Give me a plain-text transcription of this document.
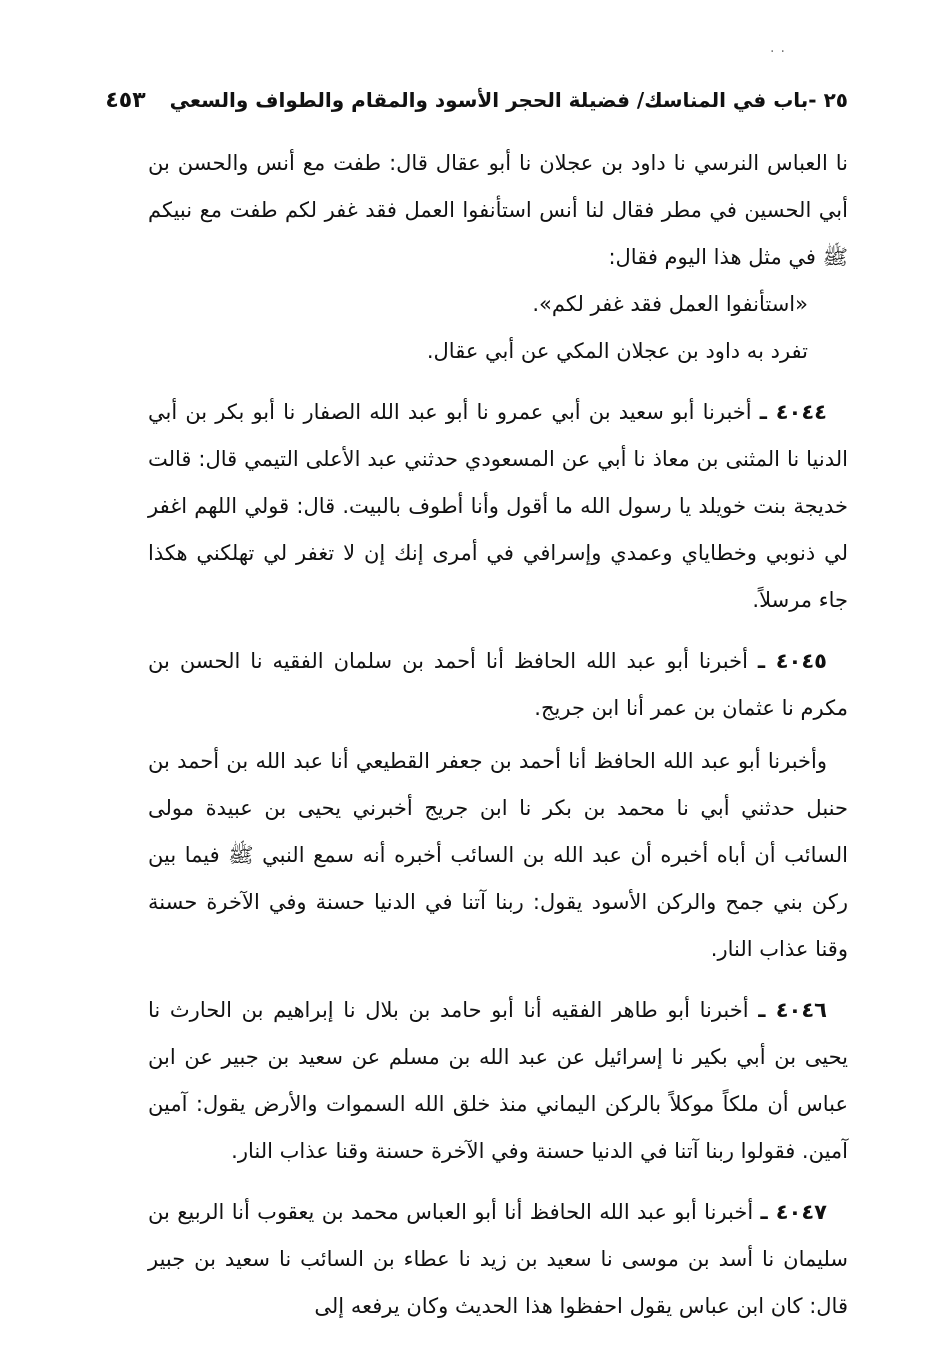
··
٢٥ -باب في المناسك/ فضيلة الحجر الأسود والمقام والطواف والسعي
٤٥٣

نا العباس النرسي نا داود بن عجلان نا أبو عقال قال: طفت مع أنس والحسن بن أبي الحسين في مطر فقال لنا أنس استأنفوا العمل فقد غفر لكم طفت مع نبيكم ﷺ في مثل هذا اليوم فقال:

«استأنفوا العمل فقد غفر لكم».

تفرد به داود بن عجلان المكي عن أبي عقال.

 ٤٠٤٤ ـ أخبرنا أبو سعيد بن أبي عمرو نا أبو عبد الله الصفار نا أبو بكر بن أبي الدنيا نا المثنى بن معاذ نا أبي عن المسعودي حدثني عبد الأعلى التيمي قال: قالت خديجة بنت خويلد يا رسول الله ما أقول وأنا أطوف بالبيت. قال: قولي اللهم اغفر لي ذنوبي وخطاياي وعمدي وإسرافي في أمرى إنك إن لا تغفر لي تهلكني هكذا جاء مرسلاً.

 ٤٠٤٥ ـ أخبرنا أبو عبد الله الحافظ أنا أحمد بن سلمان الفقيه نا الحسن بن مكرم نا عثمان بن عمر أنا ابن جريج.

 وأخبرنا أبو عبد الله الحافظ أنا أحمد بن جعفر القطيعي أنا عبد الله بن أحمد بن حنبل حدثني أبي نا محمد بن بكر نا ابن جريج أخبرني يحيى بن عبيدة مولى السائب أن أباه أخبره أن عبد الله بن السائب أخبره أنه سمع النبي ﷺ فيما بين ركن بني جمح والركن الأسود يقول: ربنا آتنا في الدنيا حسنة وفي الآخرة حسنة وقنا عذاب النار.

 ٤٠٤٦ ـ أخبرنا أبو طاهر الفقيه أنا أبو حامد بن بلال نا إبراهيم بن الحارث نا يحيى بن أبي بكير نا إسرائيل عن عبد الله بن مسلم عن سعيد بن جبير عن ابن عباس أن ملكاً موكلاً بالركن اليماني منذ خلق الله السموات والأرض يقول: آمين آمين. فقولوا ربنا آتنا في الدنيا حسنة وفي الآخرة حسنة وقنا عذاب النار.

 ٤٠٤٧ ـ أخبرنا أبو عبد الله الحافظ أنا أبو العباس محمد بن يعقوب أنا الربيع بن سليمان نا أسد بن موسى نا سعيد بن زيد نا عطاء بن السائب نا سعيد بن جبير قال: كان ابن عباس يقول احفظوا هذا الحديث وكان يرفعه إلى
